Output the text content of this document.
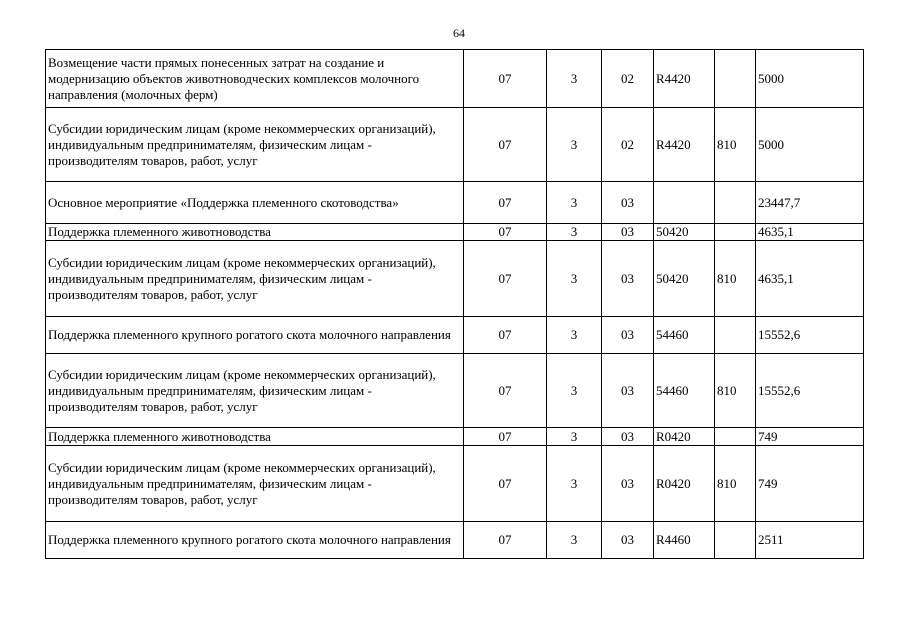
64
Возмещение части прямых понесенных затрат на создание и модернизацию объектов животноводческих комплексов молочного направления (молочных ферм)	07	3	02	R4420		5000
Субсидии юридическим лицам (кроме некоммерческих организаций), индивидуальным предпринимателям, физическим лицам - производителям товаров, работ, услуг	07	3	02	R4420	810	5000
Основное мероприятие «Поддержка племенного скотоводства»	07	3	03			23447,7
Поддержка племенного животноводства	07	3	03	50420		4635,1
Субсидии юридическим лицам (кроме некоммерческих организаций), индивидуальным предпринимателям, физическим лицам - производителям товаров, работ, услуг	07	3	03	50420	810	4635,1
Поддержка племенного крупного рогатого скота молочного направления	07	3	03	54460		15552,6
Субсидии юридическим лицам (кроме некоммерческих организаций), индивидуальным предпринимателям, физическим лицам - производителям товаров, работ, услуг	07	3	03	54460	810	15552,6
Поддержка племенного животноводства	07	3	03	R0420		749
Субсидии юридическим лицам (кроме некоммерческих организаций), индивидуальным предпринимателям, физическим лицам - производителям товаров, работ, услуг	07	3	03	R0420	810	749
Поддержка племенного крупного рогатого скота молочного направления	07	3	03	R4460		2511
